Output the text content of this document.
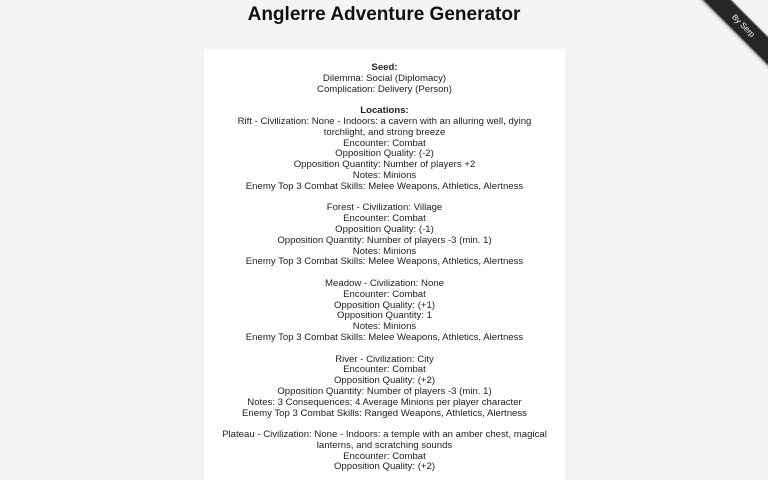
Anglerre Adventure Generator	By Serp
Seed:
Dilemma: Social (Diplomacy)
Complication: Delivery (Person)
Locations:

Rift - Civilization: None - Indoors: a cavern with an alluring well, dying torchlight, and strong breeze

Encounter: Combat

Opposition Quality: (-2)

Opposition Quantity: Number of players +2

Notes: Minions

Enemy Top 3 Combat Skills: Melee Weapons, Athletics, Alertness

Forest - Civilization: Village

Encounter: Combat

Opposition Quality: (-1)

Opposition Quantity: Number of players -3 (min. 1)

Notes: Minions

Enemy Top 3 Combat Skills: Melee Weapons, Athletics, Alertness

Meadow - Civilization: None

Encounter: Combat

Opposition Quality: (+1)

Opposition Quantity: 1

Notes: Minions

Enemy Top 3 Combat Skills: Melee Weapons, Athletics, Alertness

River - Civilization: City

Encounter: Combat

Opposition Quality: (+2)

Opposition Quantity: Number of players -3 (min. 1)

Notes: 3 Consequences; 4 Average Minions per player character

Enemy Top 3 Combat Skills: Ranged Weapons, Athletics, Alertness

Plateau - Civilization: None - Indoors: a temple with an amber chest, magical lanterns, and scratching sounds

Encounter: Combat

Opposition Quality: (+2)
